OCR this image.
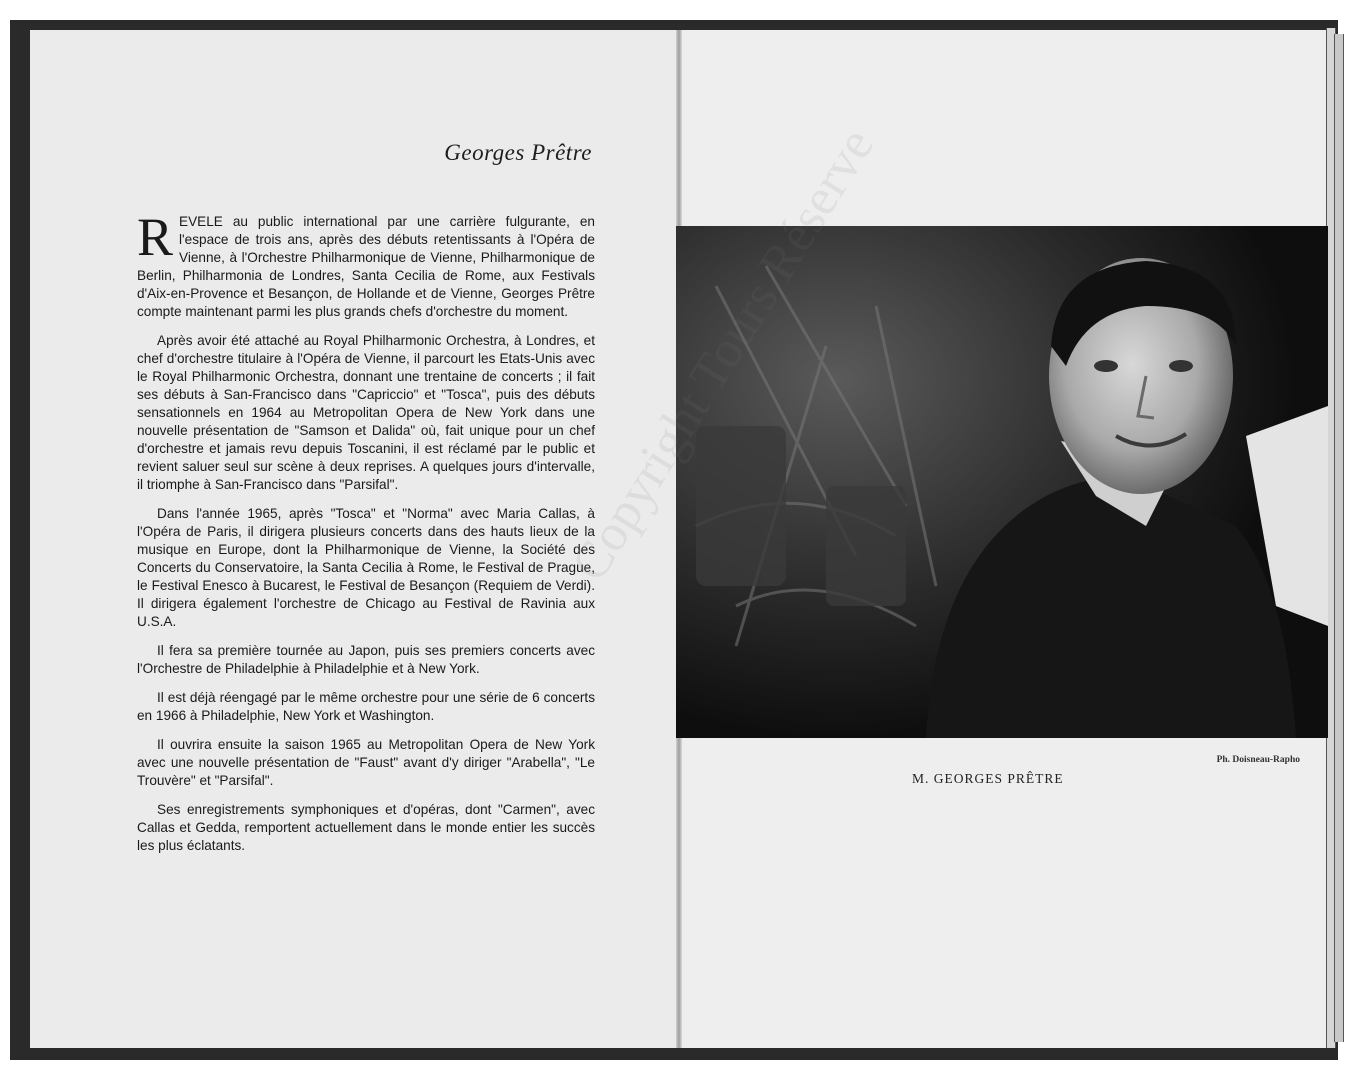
Georges Prêtre

REVELE au public international par une carrière fulgurante, en l'espace de trois ans, après des débuts retentissants à l'Opéra de Vienne, à l'Orchestre Philharmonique de Vienne, Philharmonique de Berlin, Philharmonia de Londres, Santa Cecilia de Rome, aux Festivals d'Aix-en-Provence et Besançon, de Hollande et de Vienne, Georges Prêtre compte maintenant parmi les plus grands chefs d'orchestre du moment.

Après avoir été attaché au Royal Philharmonic Orchestra, à Londres, et chef d'orchestre titulaire à l'Opéra de Vienne, il parcourt les Etats-Unis avec le Royal Philharmonic Orchestra, donnant une trentaine de concerts ; il fait ses débuts à San-Francisco dans "Capriccio" et "Tosca", puis des débuts sensationnels en 1964 au Metropolitan Opera de New York dans une nouvelle présentation de "Samson et Dalida" où, fait unique pour un chef d'orchestre et jamais revu depuis Toscanini, il est réclamé par le public et revient saluer seul sur scène à deux reprises. A quelques jours d'intervalle, il triomphe à San-Francisco dans "Parsifal".

Dans l'année 1965, après "Tosca" et "Norma" avec Maria Callas, à l'Opéra de Paris, il dirigera plusieurs concerts dans des hauts lieux de la musique en Europe, dont la Philharmonique de Vienne, la Société des Concerts du Conservatoire, la Santa Cecilia à Rome, le Festival de Prague, le Festival Enesco à Bucarest, le Festival de Besançon (Requiem de Verdi). Il dirigera également l'orchestre de Chicago au Festival de Ravinia aux U.S.A.

Il fera sa première tournée au Japon, puis ses premiers concerts avec l'Orchestre de Philadelphie à Philadelphie et à New York.

Il est déjà réengagé par le même orchestre pour une série de 6 concerts en 1966 à Philadelphie, New York et Washington.

Il ouvrira ensuite la saison 1965 au Metropolitan Opera de New York avec une nouvelle présentation de "Faust" avant d'y diriger "Arabella", "Le Trouvère" et "Parsifal".

Ses enregistrements symphoniques et d'opéras, dont "Carmen", avec Callas et Gedda, remportent actuellement dans le monde entier les succès les plus éclatants.

Ph. Doisneau-Rapho
M. GEORGES PRÊTRE
